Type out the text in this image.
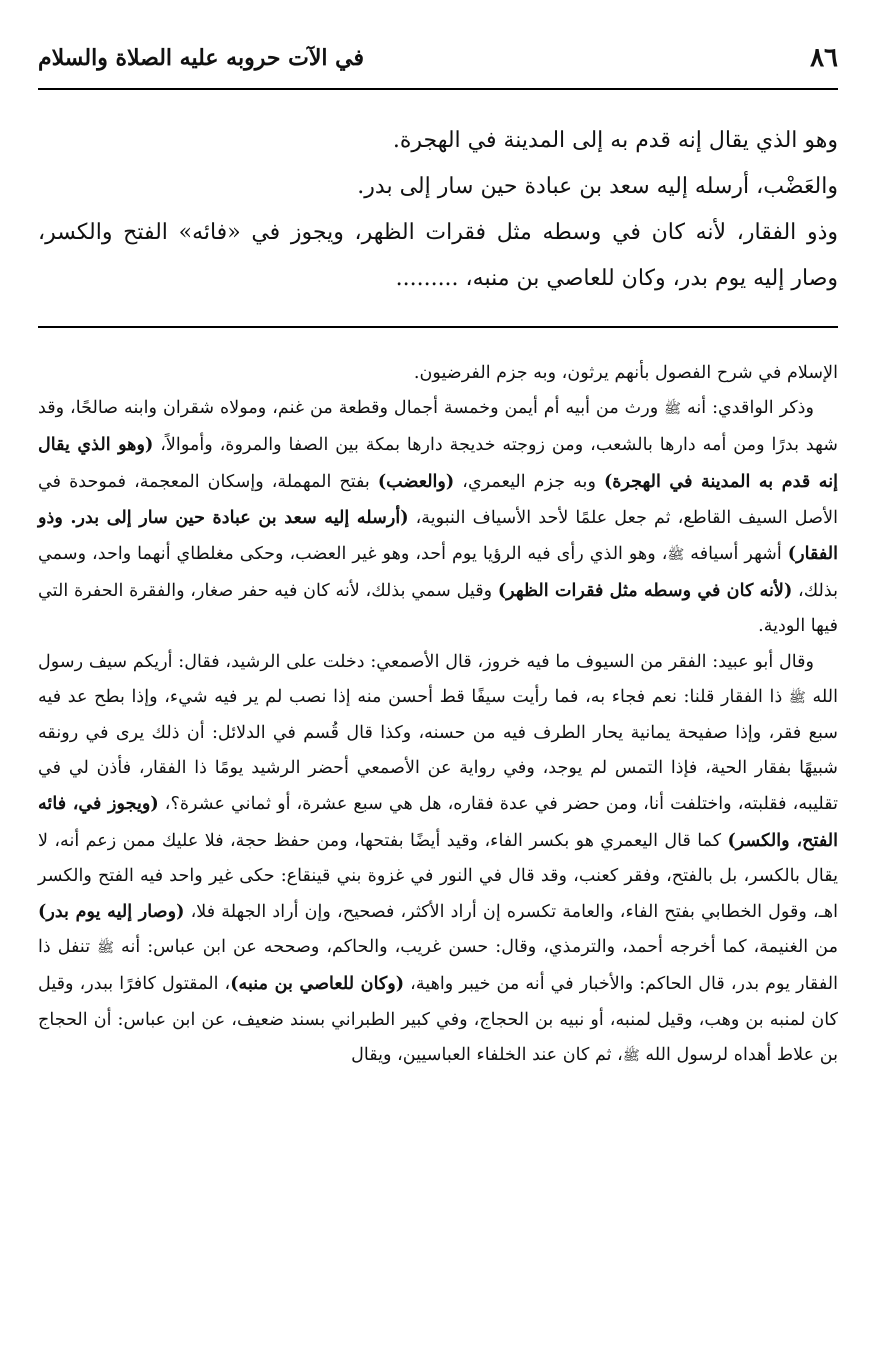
٨٦
في الآت حروبه عليه الصلاة والسلام

وهو الذي يقال إنه قدم به إلى المدينة في الهجرة.

والعَضْب، أرسله إليه سعد بن عبادة حين سار إلى بدر.

وذو الفقار، لأنه كان في وسطه مثل فقرات الظهر، ويجوز في «فائه» الفتح والكسر، وصار إليه يوم بدر، وكان للعاصي بن منبه، .........

الإسلام في شرح الفصول بأنهم يرثون، وبه جزم الفرضيون.

وذكر الواقدي: أنه ﷺ ورث من أبيه أم أيمن وخمسة أجمال وقطعة من غنم، ومولاه شقران وابنه صالحًا، وقد شهد بدرًا ومن أمه دارها بالشعب، ومن زوجته خديجة دارها بمكة بين الصفا والمروة، وأموالاً، (وهو الذي يقال إنه قدم به المدينة في الهجرة) وبه جزم اليعمري، (والعضب) بفتح المهملة، وإسكان المعجمة، فموحدة في الأصل السيف القاطع، ثم جعل علمًا لأحد الأسياف النبوية، (أرسله إليه سعد بن عبادة حين سار إلى بدر. وذو الفقار) أشهر أسيافه ﷺ، وهو الذي رأى فيه الرؤيا يوم أحد، وهو غير العضب، وحكى مغلطاي أنهما واحد، وسمي بذلك، (لأنه كان في وسطه مثل فقرات الظهر) وقيل سمي بذلك، لأنه كان فيه حفر صغار، والفقرة الحفرة التي فيها الودية.

وقال أبو عبيد: الفقر من السيوف ما فيه خروز، قال الأصمعي: دخلت على الرشيد، فقال: أريكم سيف رسول الله ﷺ ذا الفقار قلنا: نعم فجاء به، فما رأيت سيفًا قط أحسن منه إذا نصب لم ير فيه شيء، وإذا بطح عد فيه سبع فقر، وإذا صفيحة يمانية يحار الطرف فيه من حسنه، وكذا قال قُسم في الدلائل: أن ذلك يرى في رونقه شبيهًا بفقار الحية، فإذا التمس لم يوجد، وفي رواية عن الأصمعي أحضر الرشيد يومًا ذا الفقار، فأذن لي في تقليبه، فقلبته، واختلفت أنا، ومن حضر في عدة فقاره، هل هي سبع عشرة، أو ثماني عشرة؟، (ويجوز في، فائه الفتح، والكسر) كما قال اليعمري هو بكسر الفاء، وقيد أيضًا بفتحها، ومن حفظ حجة، فلا عليك ممن زعم أنه، لا يقال بالكسر، بل بالفتح، وفقر كعنب، وقد قال في النور في غزوة بني قينقاع: حكى غير واحد فيه الفتح والكسر اهـ، وقول الخطابي بفتح الفاء، والعامة تكسره إن أراد الأكثر، فصحيح، وإن أراد الجهلة فلا، (وصار إليه يوم بدر) من الغنيمة، كما أخرجه أحمد، والترمذي، وقال: حسن غريب، والحاكم، وصححه عن ابن عباس: أنه ﷺ تنفل ذا الفقار يوم بدر، قال الحاكم: والأخبار في أنه من خيبر واهية، (وكان للعاصي بن منبه)، المقتول كافرًا ببدر، وقيل كان لمنبه بن وهب، وقيل لمنبه، أو نبيه بن الحجاج، وفي كبير الطبراني بسند ضعيف، عن ابن عباس: أن الحجاج بن علاط أهداه لرسول الله ﷺ، ثم كان عند الخلفاء العباسيين، ويقال
